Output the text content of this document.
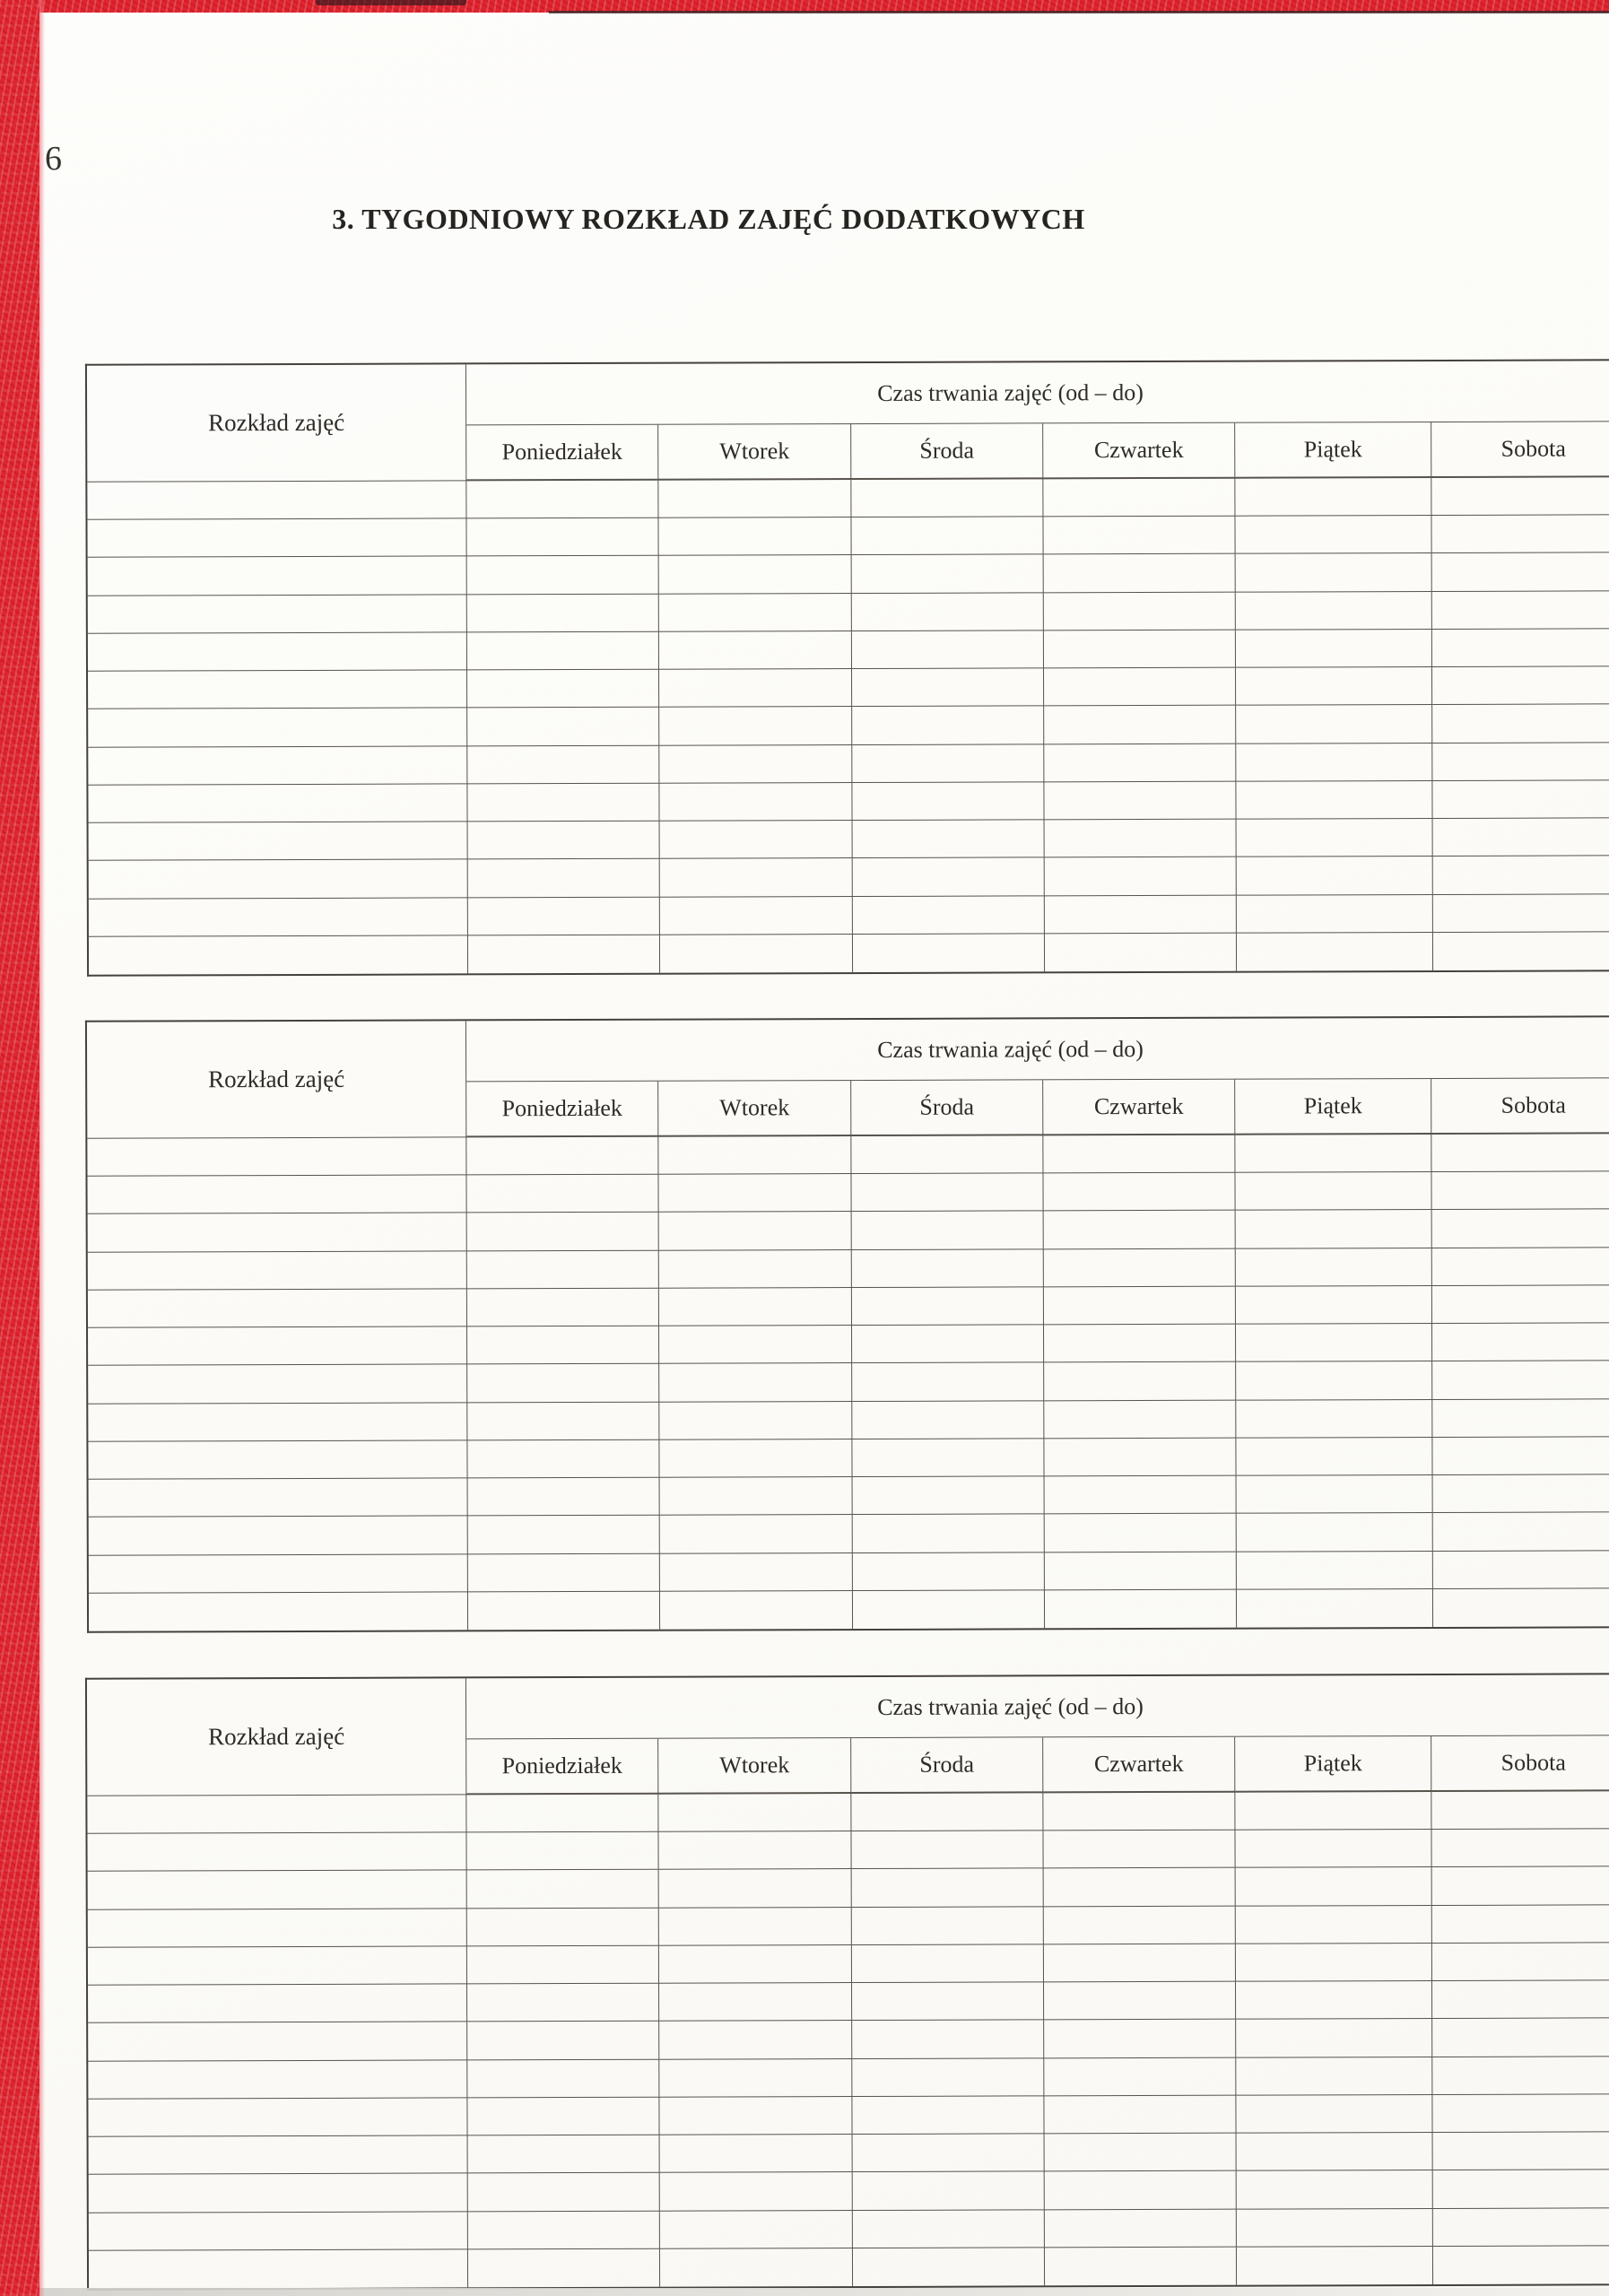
6
3. TYGODNIOWY ROZKŁAD ZAJĘĆ DODATKOWYCH
Rozkład zajęć
Czas trwania zajęć (od – do)
Poniedziałek	Wtorek	Środa	Czwartek	Piątek	Sobota
Rozkład zajęć
Czas trwania zajęć (od – do)
Poniedziałek	Wtorek	Środa	Czwartek	Piątek	Sobota
Rozkład zajęć
Czas trwania zajęć (od – do)
Poniedziałek	Wtorek	Środa	Czwartek	Piątek	Sobota
